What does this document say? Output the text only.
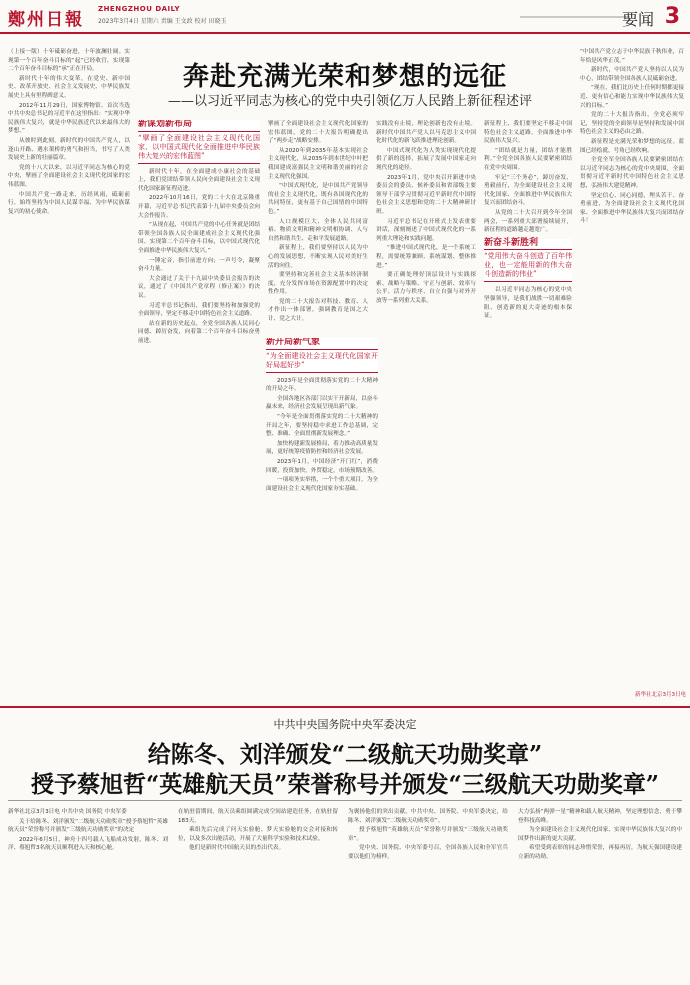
鄭州日報
ZHENGZHOU DAILY
2023年3月4日 星期六 责编 王文政 校对 田晓玉	要闻 3
奔赴充满光荣和梦想的远征
——以习近平同志为核心的党中央引领亿万人民踏上新征程述评

（上接一版）十年砥砺奋进，十年波澜壮阔。实现第一个百年奋斗目标的“起”已经收官，实现第二个百年奋斗目标的“承”正在开局。

新时代十年的伟大变革，在党史、新中国史、改革开放史、社会主义发展史、中华民族发展史上具有里程碑意义。

2012年11月29日，国家博物馆。首次当选中共中央总书记的习近平在这里指出：“实现中华民族伟大复兴，就是中华民族近代以来最伟大的梦想。”

从彼时到此刻，新时代的中国共产党人，以逢山开路、遇水架桥的勇气和担当，书写了人类发展史上新的壮丽篇章。

党的十八大以来，以习近平同志为核心的党中央，擘画了全面建设社会主义现代化国家的宏伟蓝图。

中国共产党一路走来，历经风雨，砥砺前行，始终坚持为中国人民谋幸福、为中华民族谋复兴的初心使命。

新谋划新布局
“擘画了全面建设社会主义现代化国家、以中国式现代化全面推进中华民族伟大复兴的宏伟蓝图”

新时代十年，在全面建成小康社会的基础上，我们党团结带领人民向全面建设社会主义现代化国家新征程迈进。

2022年10月16日，党的二十大在北京隆重开幕，习近平总书记代表第十九届中央委员会向大会作报告。

“从现在起，中国共产党的中心任务就是团结带领全国各族人民全面建成社会主义现代化强国、实现第二个百年奋斗目标，以中国式现代化全面推进中华民族伟大复兴。”

一锤定音，指引前进方向；一声号令，凝聚奋斗力量。

大会通过了关于十九届中央委员会报告的决议，通过了《中国共产党章程（修正案）》的决议。

习近平总书记指出，我们要坚持和加强党的全面领导，坚定不移走中国特色社会主义道路。

站在新的历史起点，全党全国各族人民同心同德、踔厉奋发，向着第二个百年奋斗目标奋勇前进。

擘画了全面建设社会主义现代化国家的宏伟蓝图，党的二十大报告明确提出了“两步走”战略安排。

从2020年到2035年基本实现社会主义现代化，从2035年到本世纪中叶把我国建成富强民主文明和谐美丽的社会主义现代化强国。

“中国式现代化，是中国共产党领导的社会主义现代化，既有各国现代化的共同特征，更有基于自己国情的中国特色。”

人口规模巨大、全体人民共同富裕、物质文明和精神文明相协调、人与自然和谐共生、走和平发展道路。

新征程上，我们要坚持以人民为中心的发展思想，不断实现人民对美好生活的向往。

要坚持和完善社会主义基本经济制度，充分发挥市场在资源配置中的决定性作用。

党的二十大报告对科技、教育、人才作出一体部署，强调教育是国之大计、党之大计。

实践没有止境，理论创新也没有止境。新时代中国共产党人以马克思主义中国化时代化的新飞跃推进理论创新。

中国式现代化为人类实现现代化提供了新的选择，拓展了发展中国家走向现代化的途径。

2023年1月，党中央召开新进中央委员会的委员、候补委员和省部级主要领导干部学习贯彻习近平新时代中国特色社会主义思想和党的二十大精神研讨班。

习近平总书记在开班式上发表重要讲话，深刻阐述了中国式现代化的一系列重大理论和实践问题。

“推进中国式现代化，是一个系统工程，需要统筹兼顾、系统谋划、整体推进。”

要正确处理好顶层设计与实践探索、战略与策略、守正与创新、效率与公平、活力与秩序、自立自强与对外开放等一系列重大关系。

新开局新气象
“为全面建设社会主义现代化国家开好局起好步”

2023年是全面贯彻落实党的二十大精神的开局之年。

全国各地区各部门以实干开新局，以奋斗赢未来，经济社会发展呈现出新气象。

“今年是全面贯彻落实党的二十大精神的开局之年，要坚持稳中求进工作总基调，完整、准确、全面贯彻新发展理念。”

加快构建新发展格局，着力推动高质量发展，更好统筹疫情防控和经济社会发展。

2023年1月，中国经济“开门红”，消费回暖，投资加快，外贸稳定，市场预期改善。

一项项务实举措，一个个重大项目，为全面建设社会主义现代化国家夯实基础。

新征程上，我们要坚定不移走中国特色社会主义道路，全面推进中华民族伟大复兴。

“团结就是力量，团结才能胜利。”全党全国各族人民要紧密团结在党中央周围。

牢记“三个务必”，踔厉奋发、勇毅前行，为全面建设社会主义现代化国家、全面推进中华民族伟大复兴而团结奋斗。

从党的二十大召开到今年全国两会，一系列重大部署接续展开，新征程的道路越走越宽广。

新奋斗新胜利
“党用伟大奋斗创造了百年伟业，也一定能用新的伟大奋斗创造新的伟业”

以习近平同志为核心的党中央坚强领导，是我们战胜一切艰难险阻、创造新的更大奇迹的根本保证。

“中国共产党立志于中华民族千秋伟业，百年恰是风华正茂。”

新时代，中国共产党人坚持以人民为中心，团结带领全国各族人民砥砺奋进。

“现在，我们比历史上任何时期都更接近、更有信心和能力实现中华民族伟大复兴的目标。”

党的二十大报告指出，全党必须牢记，坚持党的全面领导是坚持和发展中国特色社会主义的必由之路。

新征程是充满光荣和梦想的远征。蓝图已经绘就，号角已经吹响。

全党全军全国各族人民要紧密团结在以习近平同志为核心的党中央周围，全面贯彻习近平新时代中国特色社会主义思想，弘扬伟大建党精神。

坚定信心、同心同德，埋头苦干、奋勇前进，为全面建设社会主义现代化国家、全面推进中华民族伟大复兴而团结奋斗！

新华社北京3月3日电
中共中央国务院中央军委决定
给陈冬、刘洋颁发“二级航天功勋奖章”
授予蔡旭哲“英雄航天员”荣誉称号并颁发“三级航天功勋奖章”

新华社北京3月3日电 中共中央 国务院 中央军委

关于给陈冬、刘洋颁发“二级航天功勋奖章”授予蔡旭哲“英雄航天员”荣誉称号并颁发“三级航天功勋奖章”的决定

2022年6月5日，神舟十四号载人飞船成功发射，陈冬、刘洋、蔡旭哲3名航天员顺利进入天和核心舱。

在轨驻留期间，航天员乘组圆满完成空间站建造任务，在轨驻留183天。

乘组先后完成了问天实验舱、梦天实验舱的交会对接和转位，以及多次出舱活动，开展了大量科学实验和技术试验。

他们是新时代中国航天员的杰出代表。

为褒扬他们的突出贡献，中共中央、国务院、中央军委决定，给陈冬、刘洋颁发“二级航天功勋奖章”。

授予蔡旭哲“英雄航天员”荣誉称号并颁发“三级航天功勋奖章”。

党中央、国务院、中央军委号召，全国各族人民和全军官兵要以他们为榜样。

大力弘扬“两弹一星”精神和载人航天精神，坚定理想信念，勇于攀登科技高峰。

为全面建设社会主义现代化国家、实现中华民族伟大复兴的中国梦作出新的更大贡献。

希望受到表彰的同志珍惜荣誉，再接再厉，为航天强国建设建立新的功勋。
